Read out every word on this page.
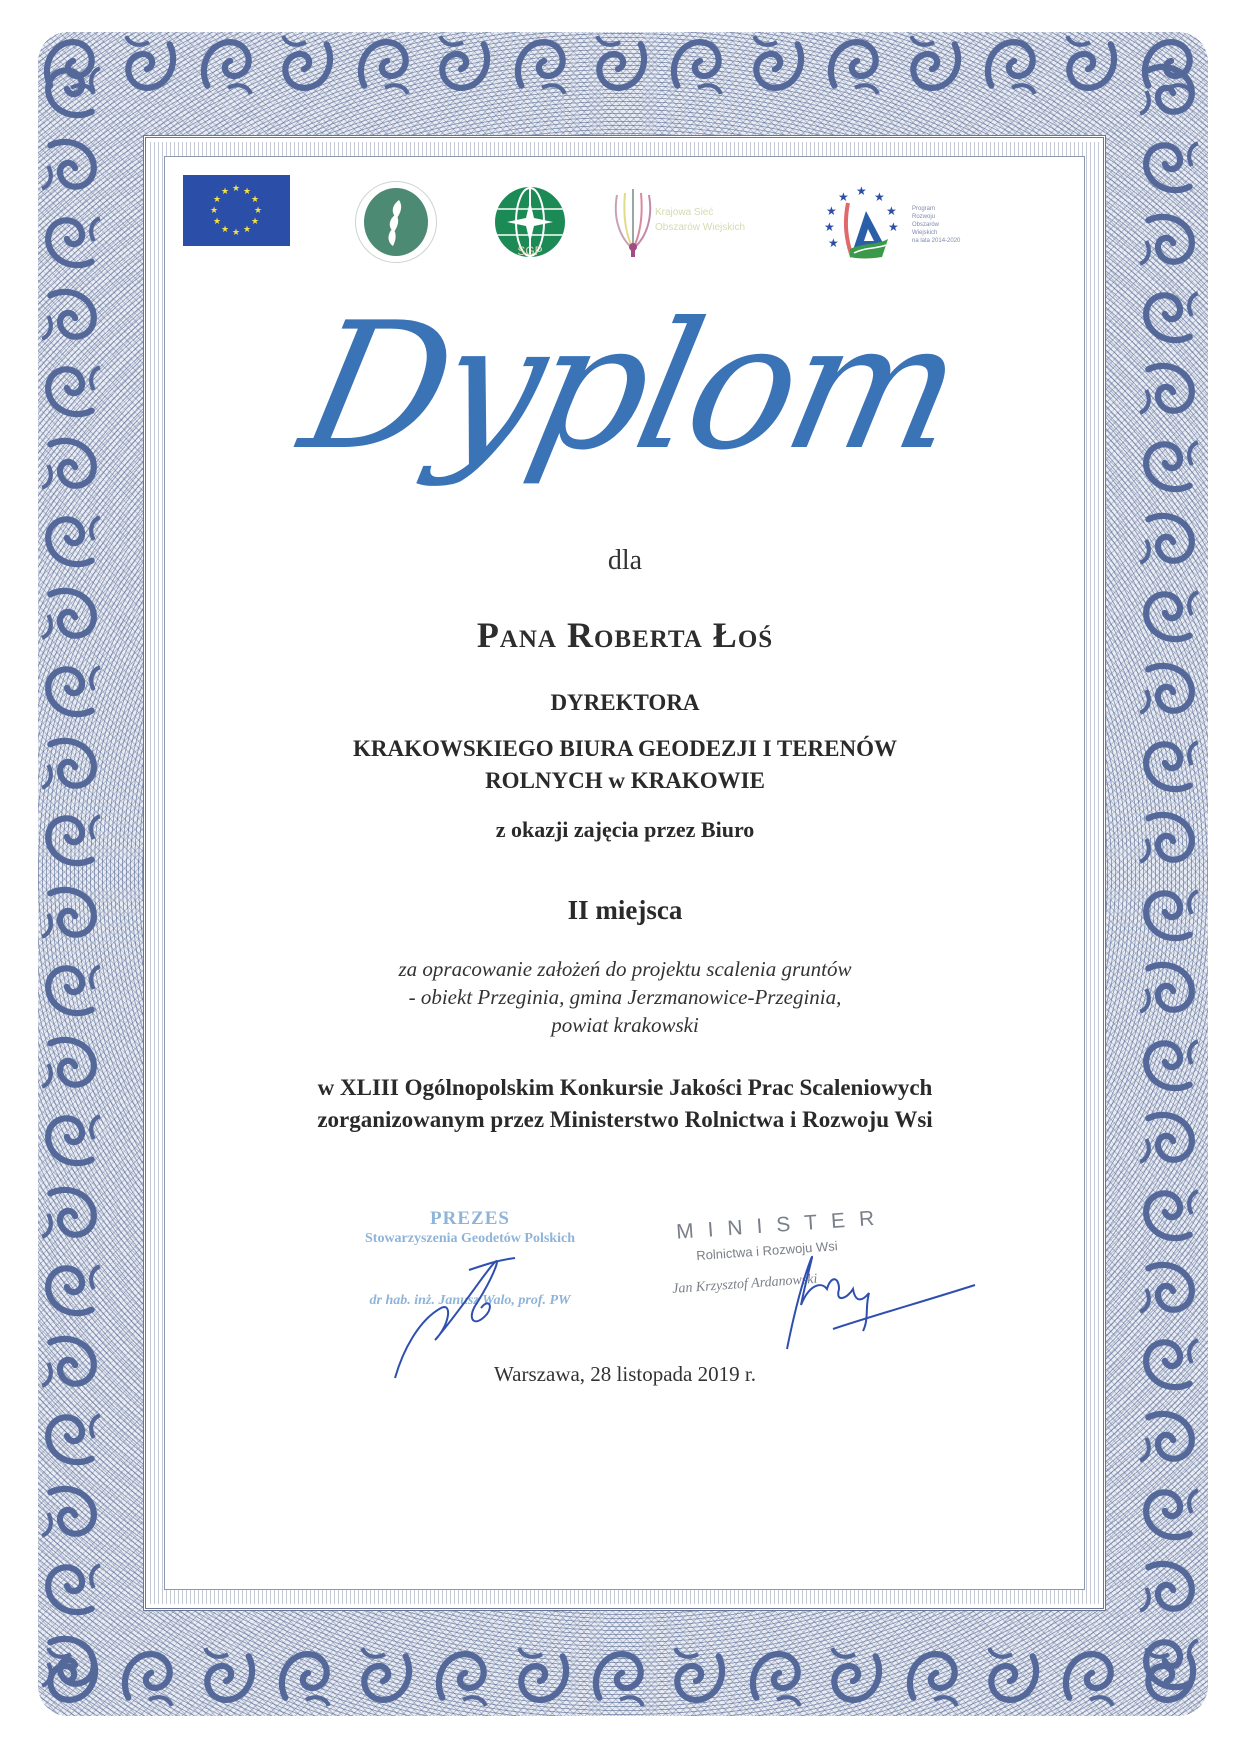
★
★
★
★
★
★
★
★
★ ★ ★
★
SGP
Krajowa Sieć
Obszarów Wiejskich
★ ★
★
★
★
★
★
★
Program
Rozwoju
Obszarów
Wiejskich
na lata 2014-2020
Dyplom
dla
Pana Roberta Łoś
DYREKTORA
KRAKOWSKIEGO BIURA GEODEZJI I TERENÓW
ROLNYCH w KRAKOWIE
z okazji zajęcia przez Biuro
II miejsca
za opracowanie założeń do projektu scalenia gruntów
- obiekt Przeginia, gmina Jerzmanowice-Przeginia,
powiat krakowski
w XLIII Ogólnopolskim Konkursie Jakości Prac Scaleniowych
zorganizowanym przez Ministerstwo Rolnictwa i Rozwoju Wsi
PREZES
Stowarzyszenia Geodetów Polskich
dr hab. inż. Janusz Walo, prof. PW
MINISTER
Rolnictwa i Rozwoju Wsi
Jan Krzysztof Ardanowski
Warszawa, 28 listopada 2019 r.
